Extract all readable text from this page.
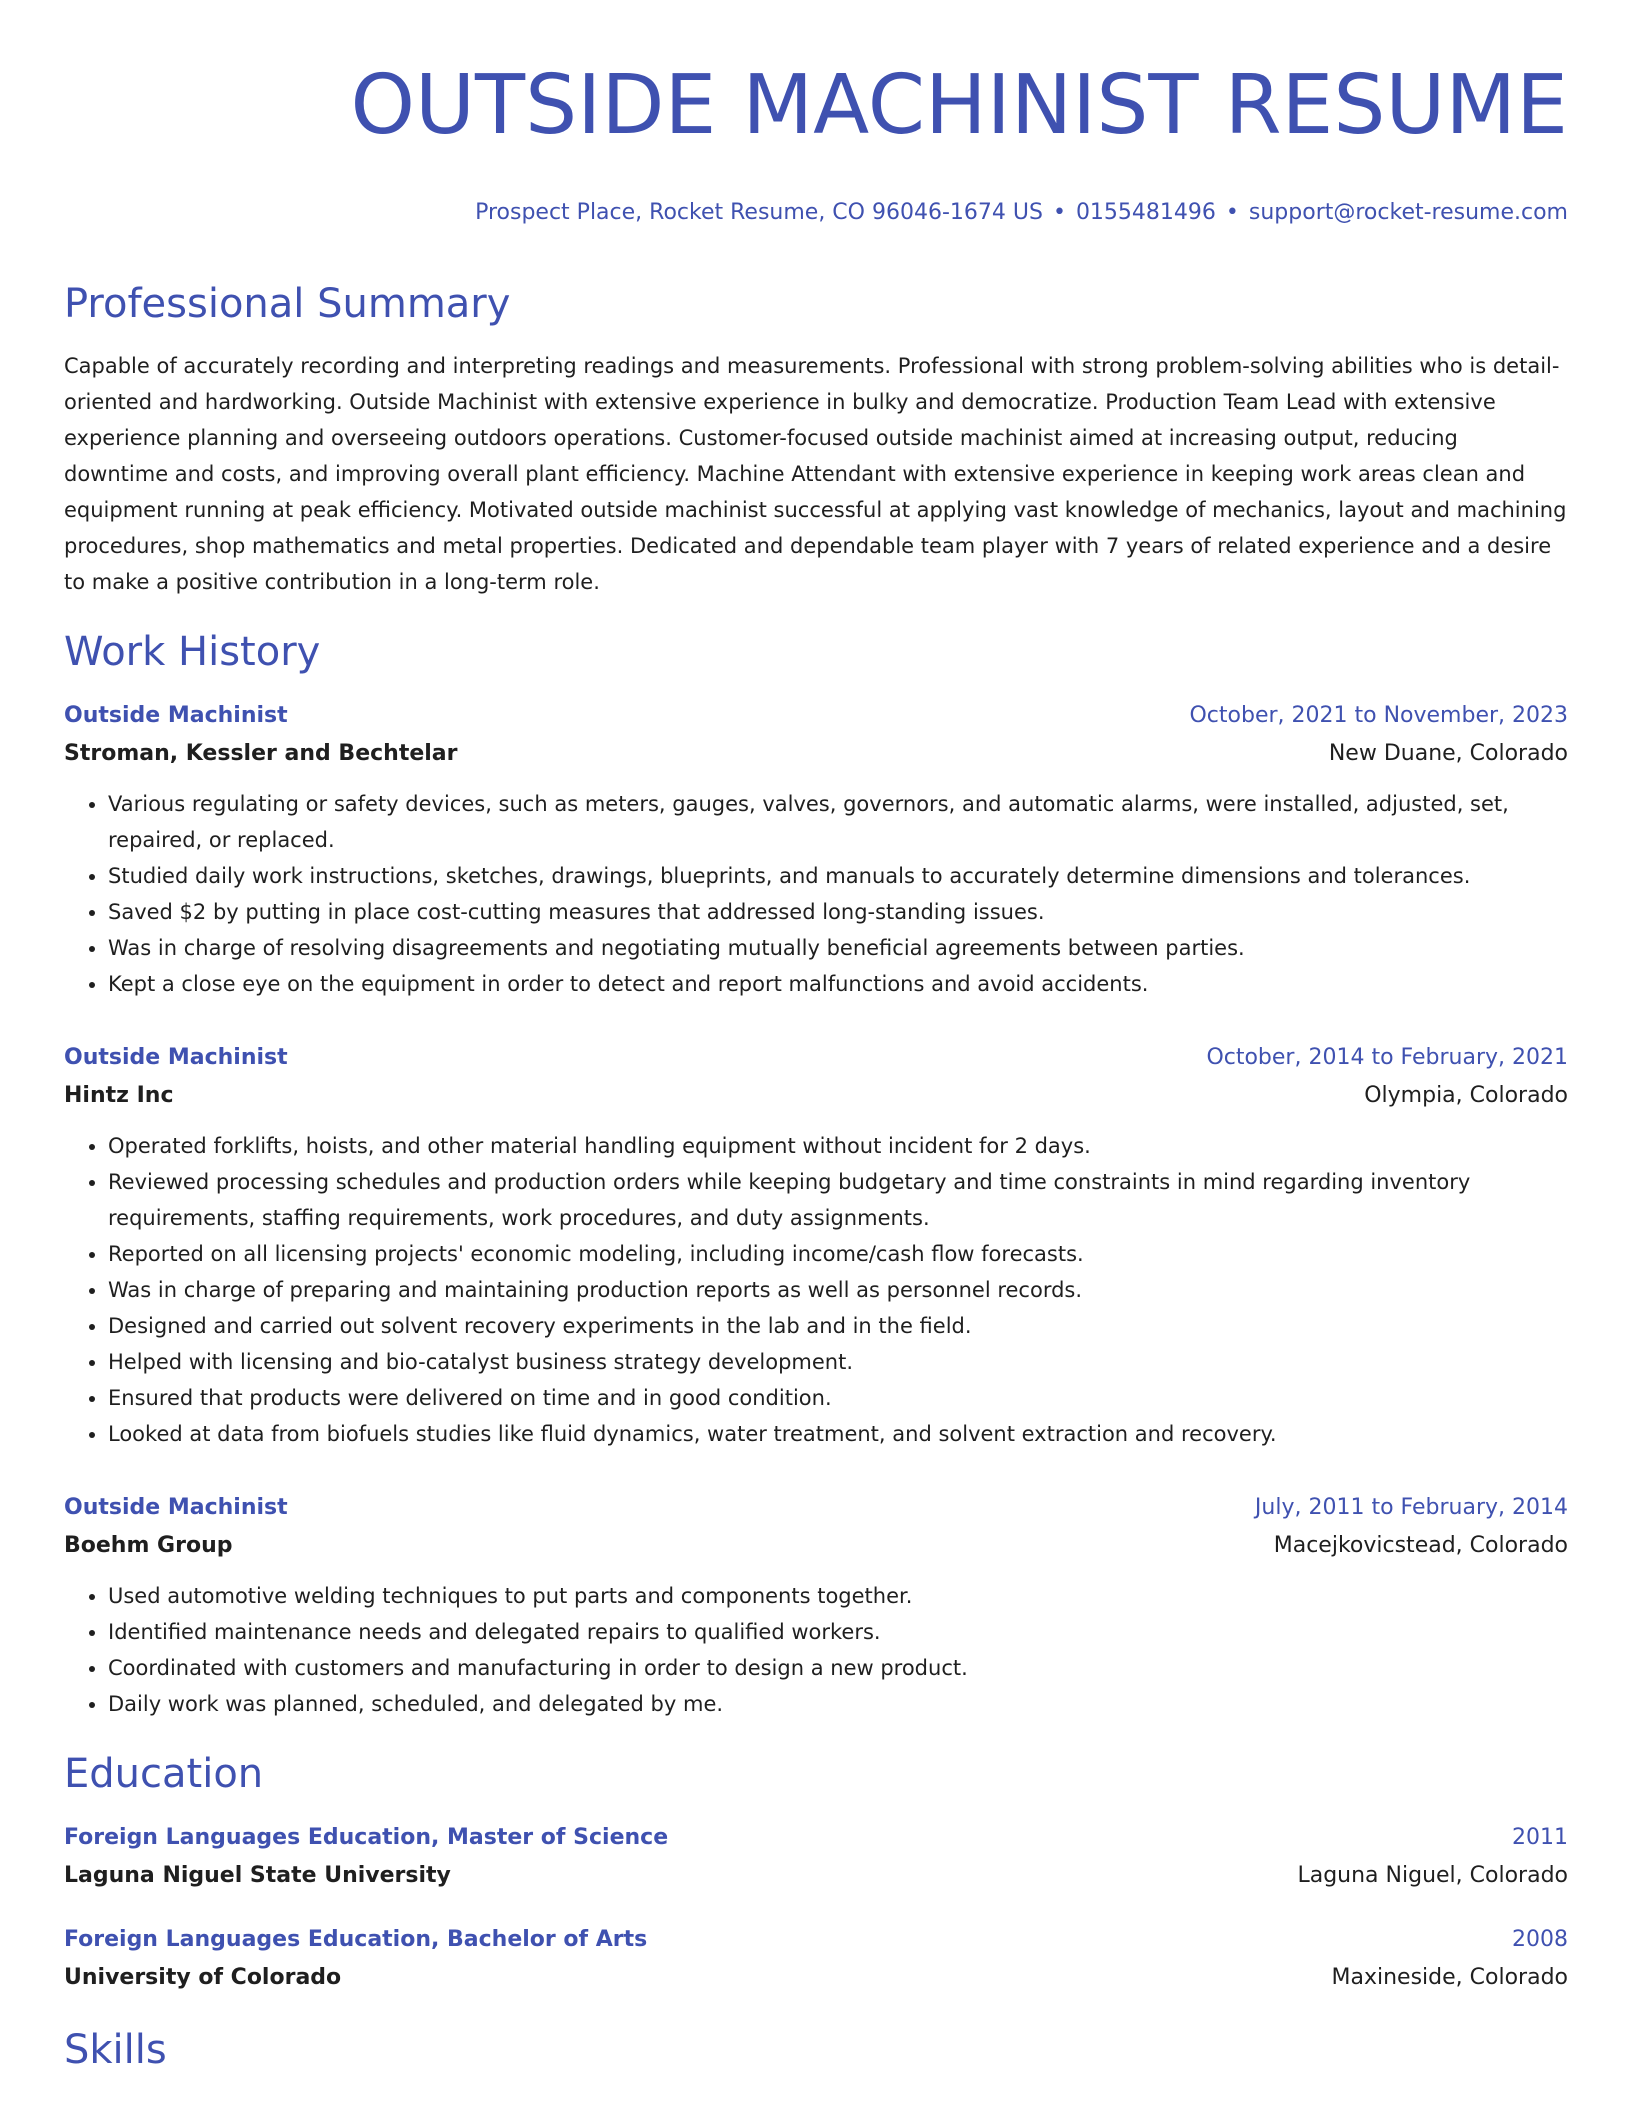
OUTSIDE MACHINIST RESUME
Prospect Place, Rocket Resume, CO 96046-1674 US • 0155481496 • support@rocket-resume.com
Professional Summary

Capable of accurately recording and interpreting readings and measurements. Professional with strong problem-solving abilities who is detail-oriented and hardworking. Outside Machinist with extensive experience in bulky and democratize. Production Team Lead with extensive experience planning and overseeing outdoors operations. Customer-focused outside machinist aimed at increasing output, reducing downtime and costs, and improving overall plant efficiency. Machine Attendant with extensive experience in keeping work areas clean and equipment running at peak efficiency. Motivated outside machinist successful at applying vast knowledge of mechanics, layout and machining procedures, shop mathematics and metal properties. Dedicated and dependable team player with 7 years of related experience and a desire to make a positive contribution in a long-term role.

Work History
Outside Machinist	October, 2021 to November, 2023
Stroman, Kessler and Bechtelar	New Duane, Colorado
• Various regulating or safety devices, such as meters, gauges, valves, governors, and automatic alarms, were installed, adjusted, set, repaired, or replaced.
• Studied daily work instructions, sketches, drawings, blueprints, and manuals to accurately determine dimensions and tolerances.
• Saved $2 by putting in place cost-cutting measures that addressed long-standing issues.
• Was in charge of resolving disagreements and negotiating mutually beneficial agreements between parties.
• Kept a close eye on the equipment in order to detect and report malfunctions and avoid accidents.
Outside Machinist	October, 2014 to February, 2021
Hintz Inc	Olympia, Colorado
• Operated forklifts, hoists, and other material handling equipment without incident for 2 days.
• Reviewed processing schedules and production orders while keeping budgetary and time constraints in mind regarding inventory requirements, staffing requirements, work procedures, and duty assignments.
• Reported on all licensing projects' economic modeling, including income/cash flow forecasts.
• Was in charge of preparing and maintaining production reports as well as personnel records.
• Designed and carried out solvent recovery experiments in the lab and in the field.
• Helped with licensing and bio-catalyst business strategy development.
• Ensured that products were delivered on time and in good condition.
• Looked at data from biofuels studies like fluid dynamics, water treatment, and solvent extraction and recovery.
Outside Machinist	July, 2011 to February, 2014
Boehm Group	Macejkovicstead, Colorado
• Used automotive welding techniques to put parts and components together.
• Identified maintenance needs and delegated repairs to qualified workers.
• Coordinated with customers and manufacturing in order to design a new product.
• Daily work was planned, scheduled, and delegated by me.
Education
Foreign Languages Education, Master of Science	2011
Laguna Niguel State University	Laguna Niguel, Colorado
Foreign Languages Education, Bachelor of Arts	2008
University of Colorado	Maxineside, Colorado
Skills
